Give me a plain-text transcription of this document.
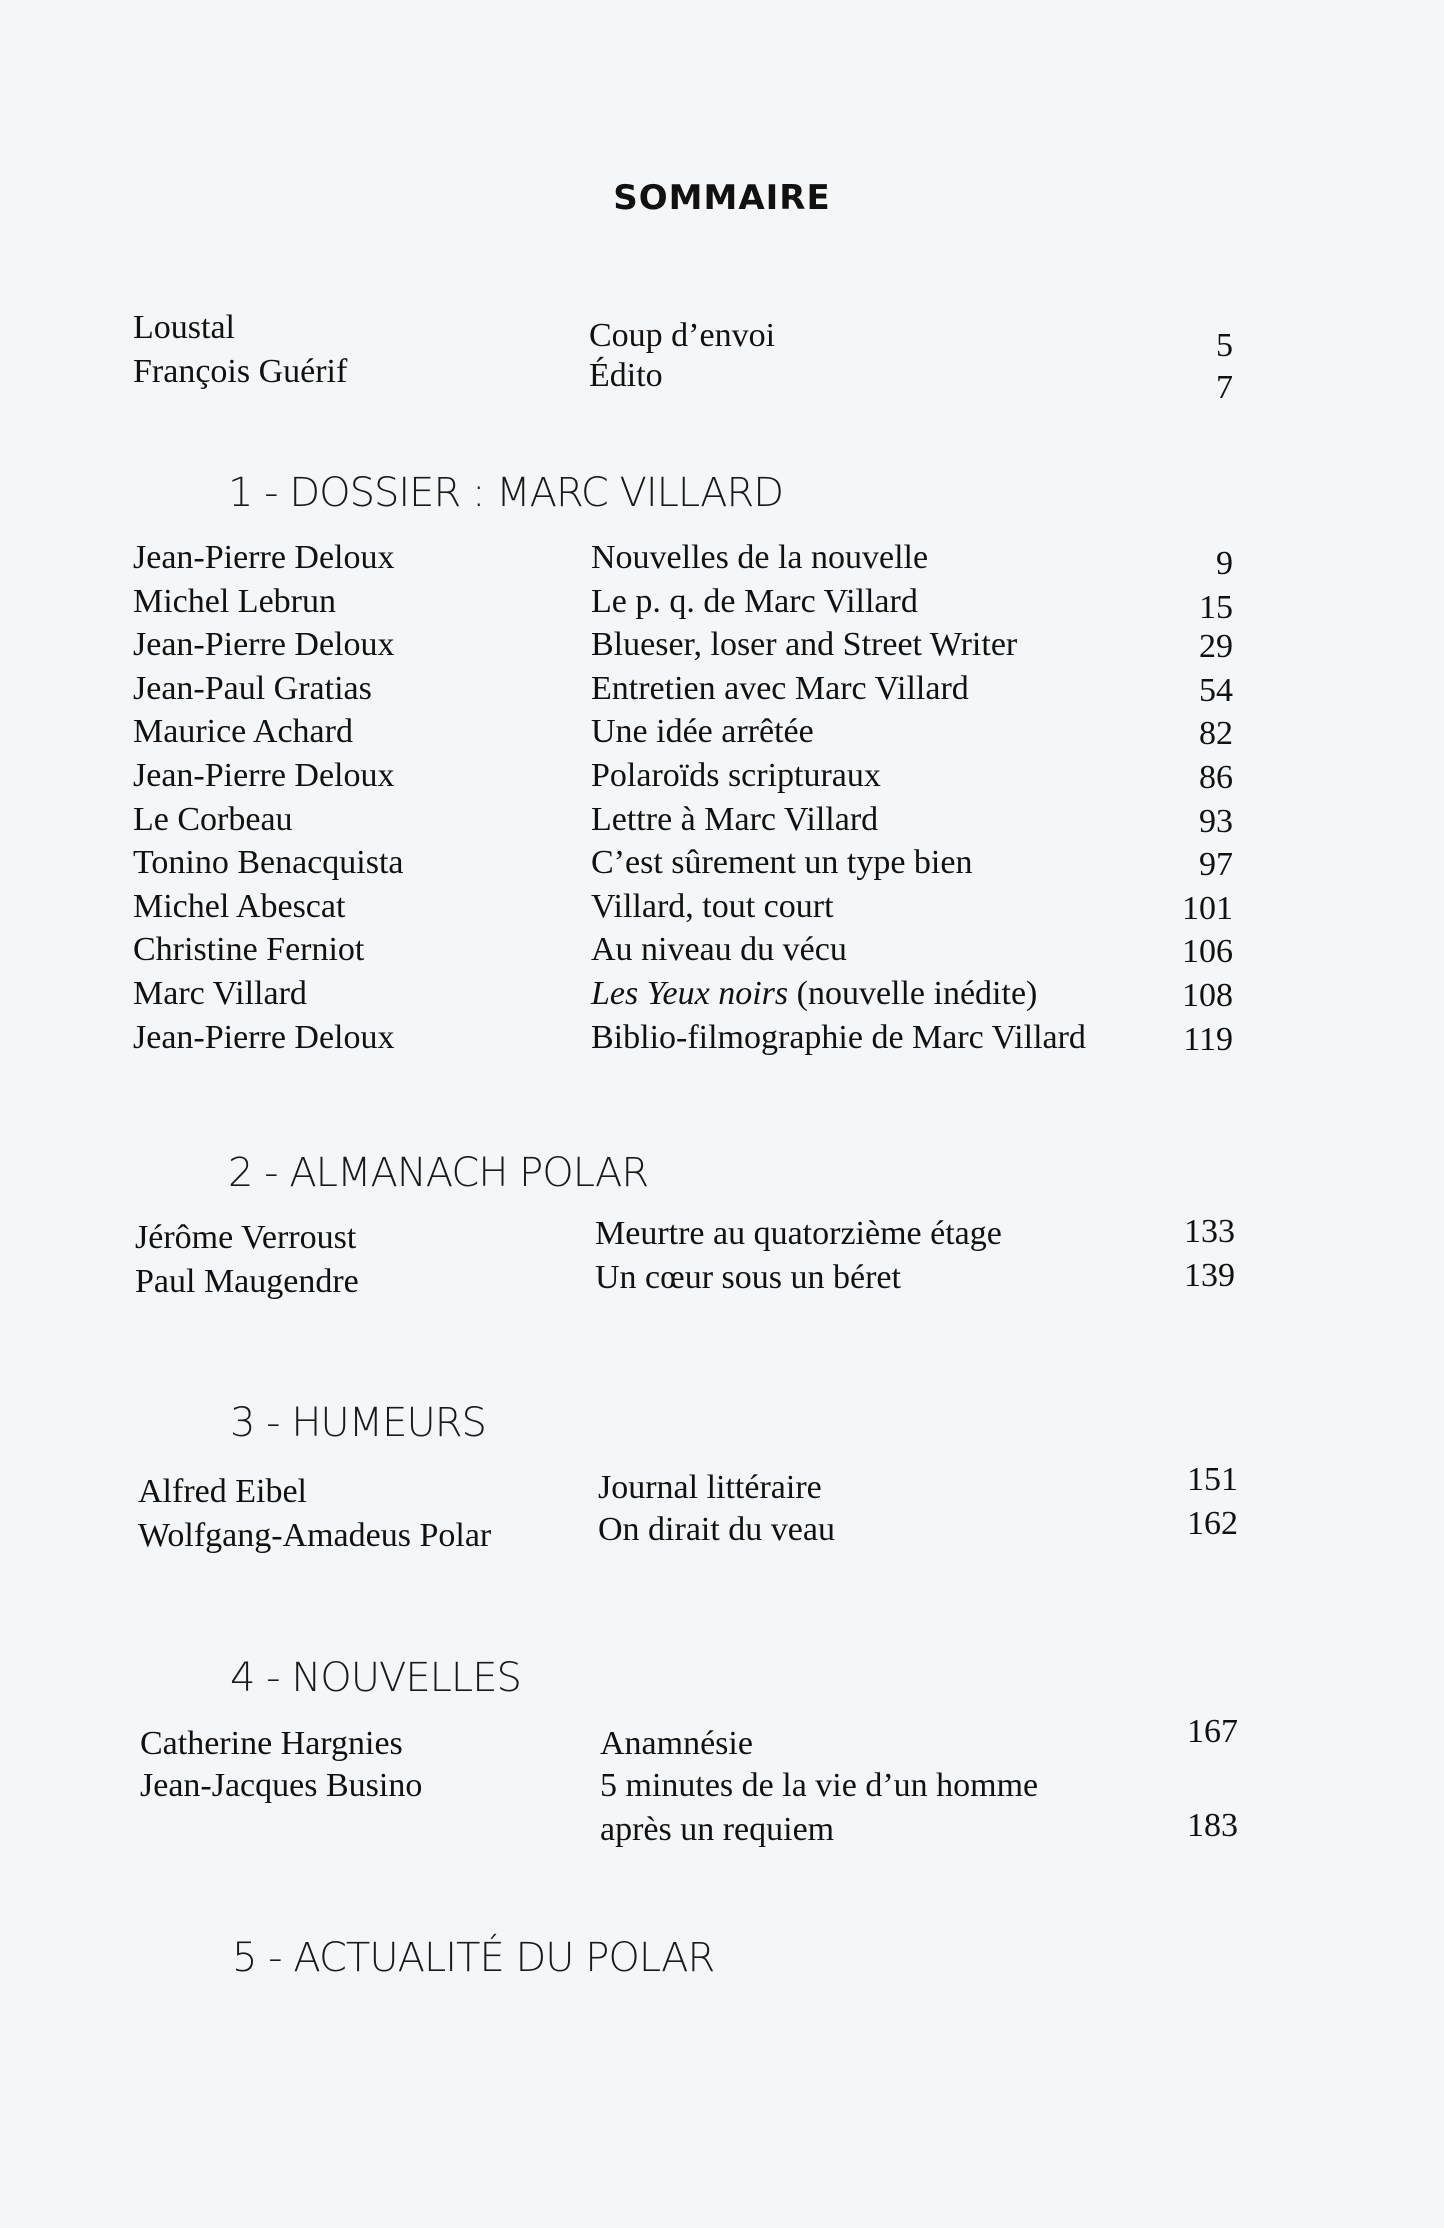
SOMMAIRE
Loustal	Coup d’envoi	5
François Guérif	Édito	7
1 - DOSSIER : MARC VILLARD
Jean-Pierre Deloux	Nouvelles de la nouvelle	9
Michel Lebrun	Le p. q. de Marc Villard	15
Jean-Pierre Deloux	Blueser, loser and Street Writer	29
Jean-Paul Gratias	Entretien avec Marc Villard	54
Maurice Achard	Une idée arrêtée	82
Jean-Pierre Deloux	Polaroïds scripturaux	86
Le Corbeau	Lettre à Marc Villard	93
Tonino Benacquista	C’est sûrement un type bien	97
Michel Abescat	Villard, tout court	101
Christine Ferniot	Au niveau du vécu	106
Marc Villard	Les Yeux noirs (nouvelle inédite)	108
Jean-Pierre Deloux	Biblio-filmographie de Marc Villard	119
2 - ALMANACH POLAR
Jérôme Verroust	Meurtre au quatorzième étage	133
Paul Maugendre	Un cœur sous un béret	139
3 - HUMEURS
Alfred Eibel	Journal littéraire	151
Wolfgang-Amadeus Polar	On dirait du veau	162
4 - NOUVELLES
Catherine Hargnies	Anamnésie	167
Jean-Jacques Busino	5 minutes de la vie d’un homme
après un requiem	183
5 - ACTUALITÉ DU POLAR
